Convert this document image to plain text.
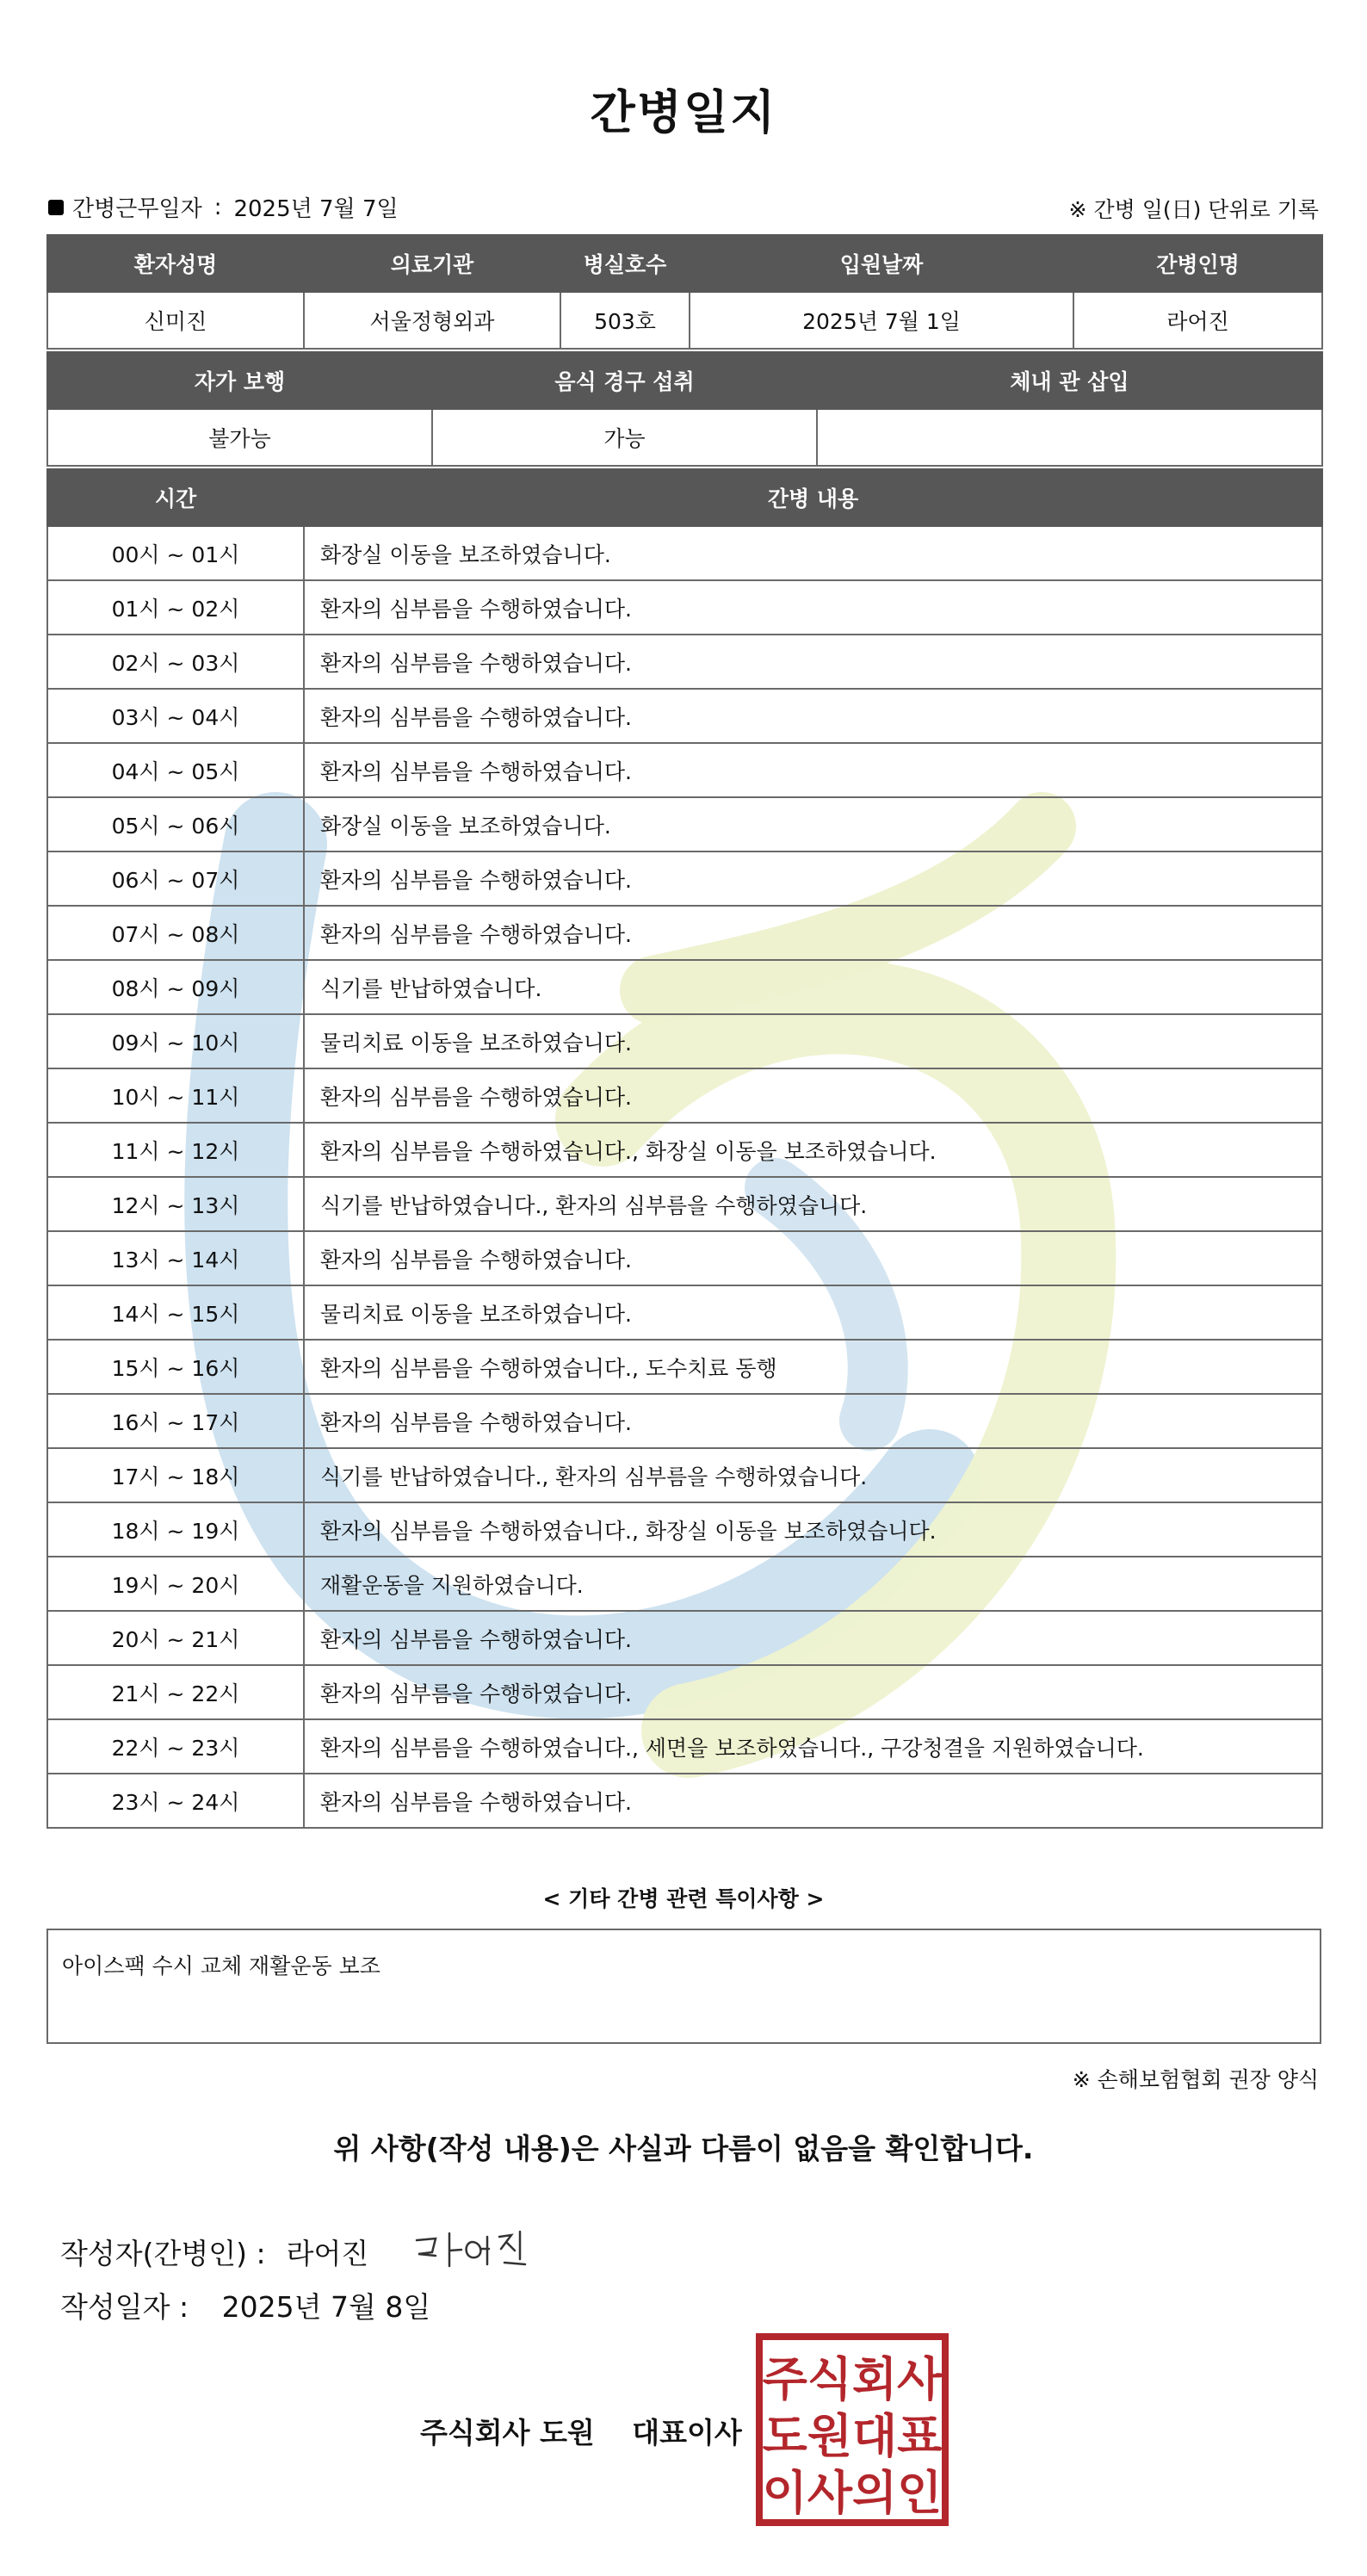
간병일지
간병근무일자 : 2025년 7월 7일	※ 간병 일(日) 단위로 기록
환자성명	의료기관	병실호수	입원날짜	간병인명
신미진	서울정형외과	503호	2025년 7월 1일	라어진
자가 보행	음식 경구 섭취	체내 관 삽입
불가능	가능	
시간	간병 내용
00시 ~ 01시	화장실 이동을 보조하였습니다.
01시 ~ 02시	환자의 심부름을 수행하였습니다.
02시 ~ 03시	환자의 심부름을 수행하였습니다.
03시 ~ 04시	환자의 심부름을 수행하였습니다.
04시 ~ 05시	환자의 심부름을 수행하였습니다.
05시 ~ 06시	화장실 이동을 보조하였습니다.
06시 ~ 07시	환자의 심부름을 수행하였습니다.
07시 ~ 08시	환자의 심부름을 수행하였습니다.
08시 ~ 09시	식기를 반납하였습니다.
09시 ~ 10시	물리치료 이동을 보조하였습니다.
10시 ~ 11시	환자의 심부름을 수행하였습니다.
11시 ~ 12시	환자의 심부름을 수행하였습니다., 화장실 이동을 보조하였습니다.
12시 ~ 13시	식기를 반납하였습니다., 환자의 심부름을 수행하였습니다.
13시 ~ 14시	환자의 심부름을 수행하였습니다.
14시 ~ 15시	물리치료 이동을 보조하였습니다.
15시 ~ 16시	환자의 심부름을 수행하였습니다., 도수치료 동행
16시 ~ 17시	환자의 심부름을 수행하였습니다.
17시 ~ 18시	식기를 반납하였습니다., 환자의 심부름을 수행하였습니다.
18시 ~ 19시	환자의 심부름을 수행하였습니다., 화장실 이동을 보조하였습니다.
19시 ~ 20시	재활운동을 지원하였습니다.
20시 ~ 21시	환자의 심부름을 수행하였습니다.
21시 ~ 22시	환자의 심부름을 수행하였습니다.
22시 ~ 23시	환자의 심부름을 수행하였습니다., 세면을 보조하였습니다., 구강청결을 지원하였습니다.
23시 ~ 24시	환자의 심부름을 수행하였습니다.
< 기타 간병 관련 특이사항 >
아이스팩 수시 교체 재활운동 보조
※ 손해보험협회 권장 양식
위 사항(작성 내용)은 사실과 다름이 없음을 확인합니다.
작성자(간병인) : 라어진
작성일자 : 2025년 7월 8일
주식회사 도원 대표이사
주식회사
도원대표
이사의인
